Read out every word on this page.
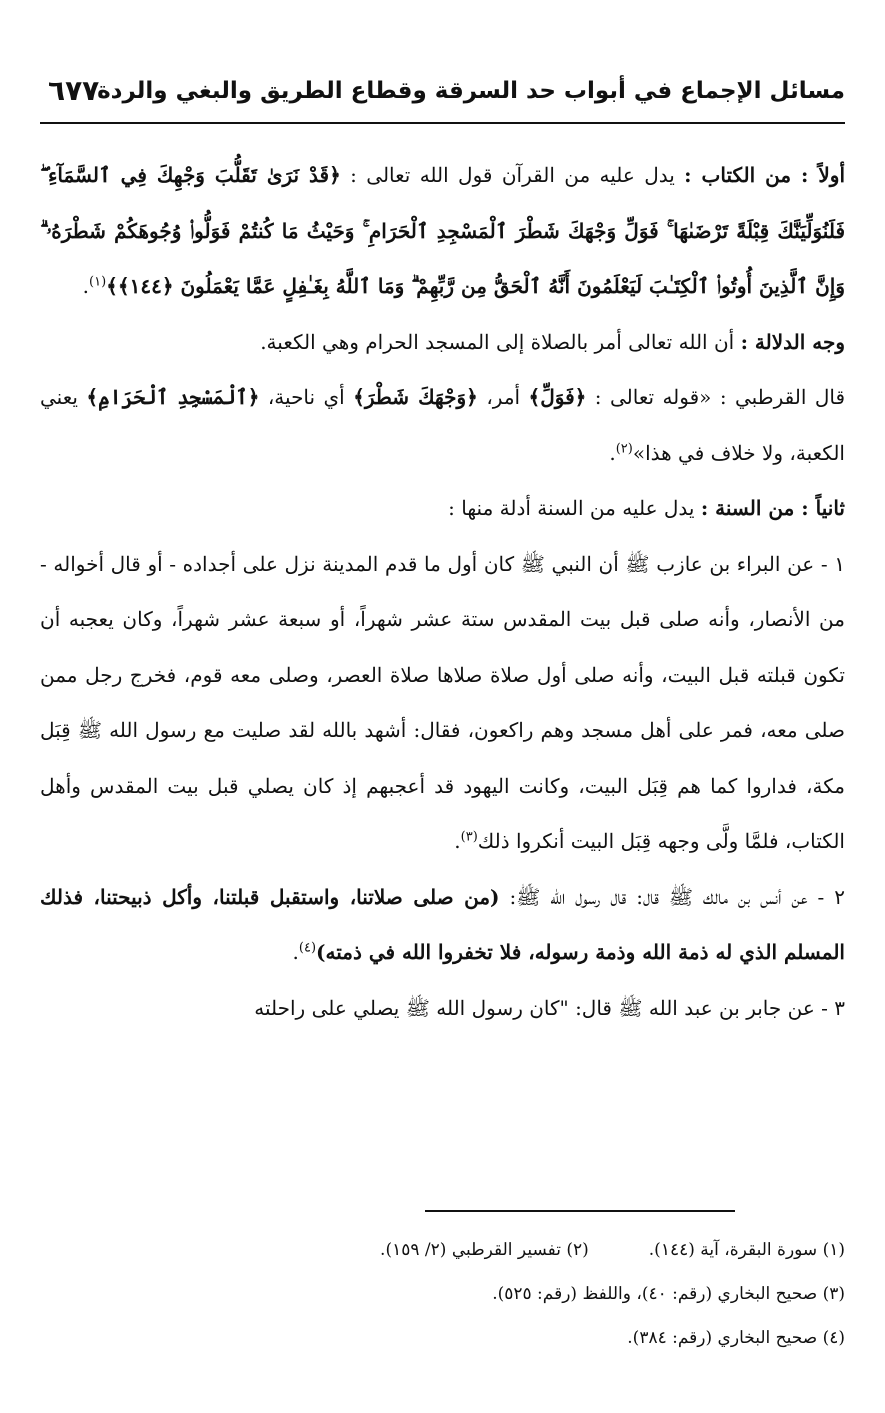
مسائل الإجماع في أبواب حد السرقة وقطاع الطريق والبغي والردة
٦٧٧

أولاً : من الكتاب : يدل عليه من القرآن قول الله تعالى : ﴿قَدْ نَرَىٰ تَقَلُّبَ وَجْهِكَ فِي ٱلسَّمَآءِ ۖ فَلَنُوَلِّيَنَّكَ قِبْلَةً تَرْضَىٰهَا ۚ فَوَلِّ وَجْهَكَ شَطْرَ ٱلْمَسْجِدِ ٱلْحَرَامِ ۚ وَحَيْثُ مَا كُنتُمْ فَوَلُّوا۟ وُجُوهَكُمْ شَطْرَهُۥ ۗ وَإِنَّ ٱلَّذِينَ أُوتُوا۟ ٱلْكِتَـٰبَ لَيَعْلَمُونَ أَنَّهُ ٱلْحَقُّ مِن رَّبِّهِمْ ۗ وَمَا ٱللَّهُ بِغَـٰفِلٍ عَمَّا يَعْمَلُونَ ﴿١٤٤﴾﴾$^{(١)}$.

وجه الدلالة : أن الله تعالى أمر بالصلاة إلى المسجد الحرام وهي الكعبة.

قال القرطبي : «قوله تعالى : ﴿فَوَلِّ﴾ أمر، ﴿وَجْهَكَ شَطْرَ﴾ أي ناحية، ﴿ٱلْمَسْجِدِ ٱلْحَرَامِ﴾ يعني الكعبة، ولا خلاف في هذا»$^{(٢)}$.

ثانياً : من السنة : يدل عليه من السنة أدلة منها :

١ - عن البراء بن عازب ﷺ أن النبي ﷺ كان أول ما قدم المدينة نزل على أجداده - أو قال أخواله - من الأنصار، وأنه صلى قبل بيت المقدس ستة عشر شهراً، أو سبعة عشر شهراً، وكان يعجبه أن تكون قبلته قبل البيت، وأنه صلى أول صلاة صلاها صلاة العصر، وصلى معه قوم، فخرج رجل ممن صلى معه، فمر على أهل مسجد وهم راكعون، فقال: أشهد بالله لقد صليت مع رسول الله ﷺ قِبَل مكة، فداروا كما هم قِبَل البيت، وكانت اليهود قد أعجبهم إذ كان يصلي قبل بيت المقدس وأهل الكتاب، فلمَّا ولَّى وجهه قِبَل البيت أنكروا ذلك$^{(٣)}$.

٢ - عن أنس بن مالك ﷺ قال: قال رسول الله ﷺ: (من صلى صلاتنا، واستقبل قبلتنا، وأكل ذبيحتنا، فذلك المسلم الذي له ذمة الله وذمة رسوله، فلا تخفروا الله في ذمته)$^{(٤)}$.

٣ - عن جابر بن عبد الله ﷺ قال: "كان رسول الله ﷺ يصلي على راحلته

(١) سورة البقرة، آية (١٤٤).
(٢) تفسير القرطبي (٢/ ١٥٩).
(٣) صحيح البخاري (رقم: ٤٠)، واللفظ (رقم: ٥٢٥).
(٤) صحيح البخاري (رقم: ٣٨٤).
